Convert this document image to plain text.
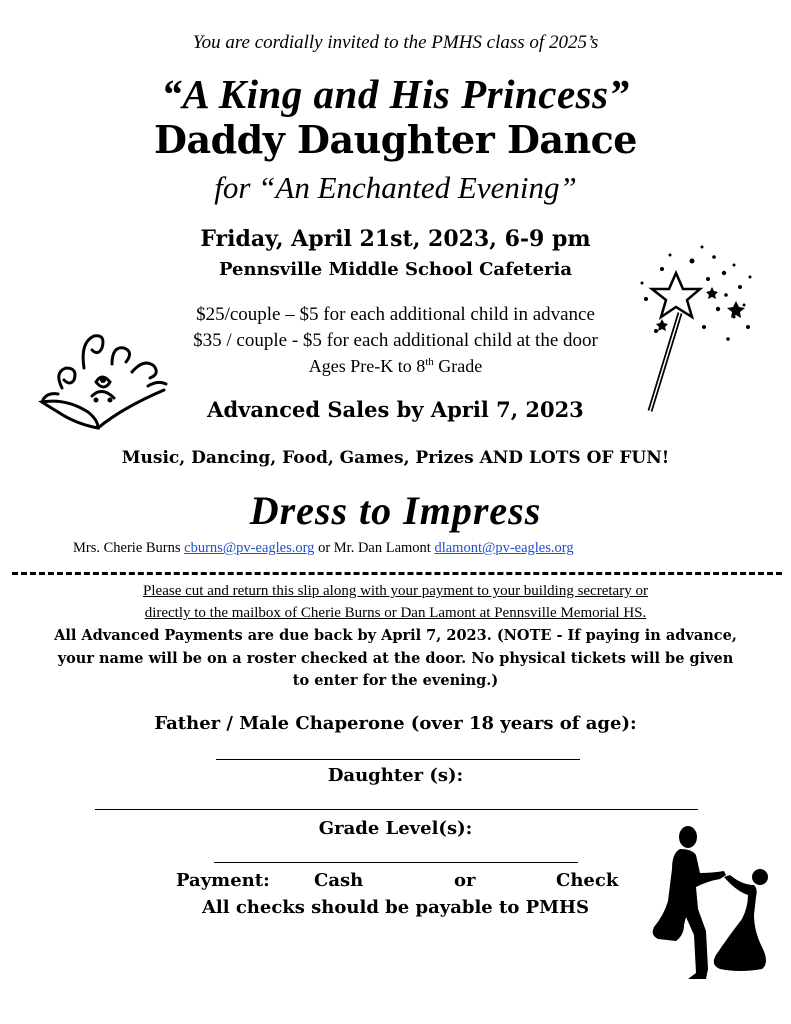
You are cordially invited to the PMHS class of 2025’s
“A King and His Princess”
Daddy Daughter Dance
for “An Enchanted Evening”
Friday, April 21st, 2023, 6-9 pm
Pennsville Middle School Cafeteria
$25/couple – $5 for each additional child in advance
$35 / couple - $5 for each additional child at the door
Ages Pre-K to 8th Grade
Advanced Sales by April 7, 2023
Music, Dancing, Food, Games, Prizes AND LOTS OF FUN!
Dress to Impress
Mrs. Cherie Burns cburns@pv-eagles.org or Mr. Dan Lamont dlamont@pv-eagles.org
Please cut and return this slip along with your payment to your building secretary or
directly to the mailbox of Cherie Burns or Dan Lamont at Pennsville Memorial HS.
All Advanced Payments are due back by April 7, 2023. (NOTE - If paying in advance,
your name will be on a roster checked at the door. No physical tickets will be given
to enter for the evening.)
Father / Male Chaperone (over 18 years of age):
Daughter (s):
Grade Level(s):
Payment: Cash	or	Check
All checks should be payable to PMHS
